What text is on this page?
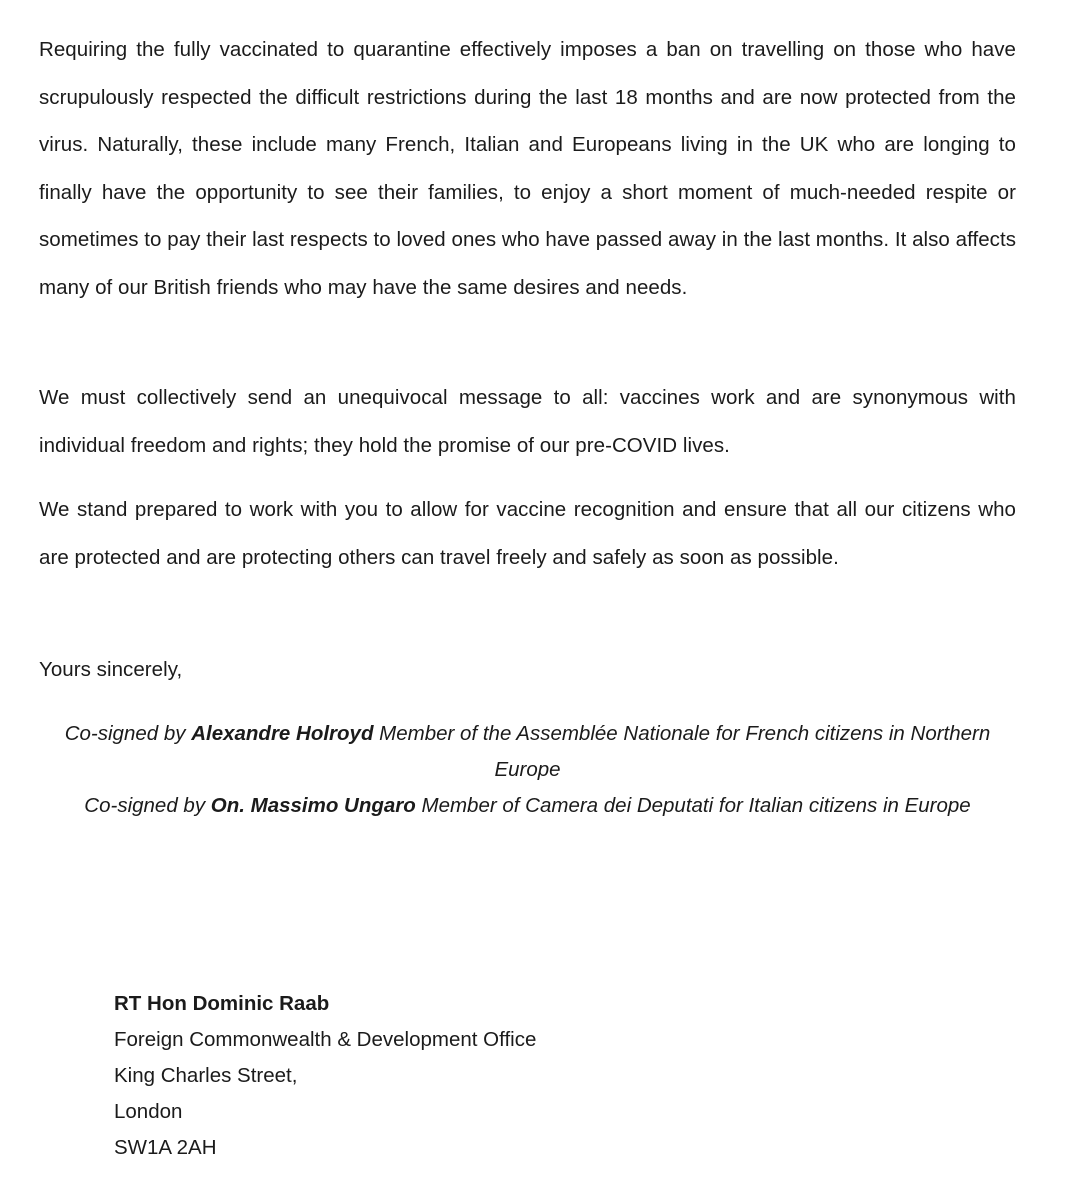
Requiring the fully vaccinated to quarantine effectively imposes a ban on travelling on those who have scrupulously respected the difficult restrictions during the last 18 months and are now protected from the virus. Naturally, these include many French, Italian and Europeans living in the UK who are longing to finally have the opportunity to see their families, to enjoy a short moment of much-needed respite or sometimes to pay their last respects to loved ones who have passed away in the last months. It also affects many of our British friends who may have the same desires and needs.

We must collectively send an unequivocal message to all: vaccines work and are synonymous with individual freedom and rights; they hold the promise of our pre-COVID lives.

We stand prepared to work with you to allow for vaccine recognition and ensure that all our citizens who are protected and are protecting others can travel freely and safely as soon as possible.

Yours sincerely,

Co-signed by Alexandre Holroyd Member of the Assemblée Nationale for French citizens in Northern Europe

Co-signed by On. Massimo Ungaro Member of Camera dei Deputati for Italian citizens in Europe

RT Hon Dominic Raab
Foreign Commonwealth & Development Office
King Charles Street,
London
SW1A 2AH
